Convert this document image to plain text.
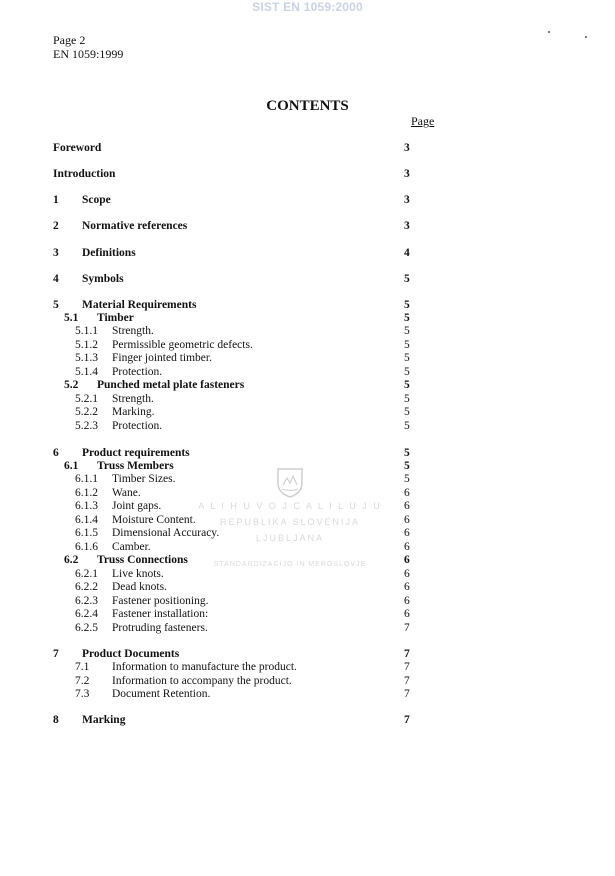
SIST EN 1059:2000
Page 2
EN 1059:1999
CONTENTS
Page
A L I H U V O J C A L I L U J U
REPUBLIKA SLOVENIJA
LJUBLJANA
STANDARDIZACIJO IN MEROSLOVJE
Foreword	3
Introduction	3
1 Scope	3
2 Normative references	3
3 Definitions	4
4 Symbols	5
5 Material Requirements	5
5.1 Timber	5
5.1.1 Strength.	5
5.1.2 Permissible geometric defects.	5
5.1.3 Finger jointed timber.	5
5.1.4 Protection.	5
5.2 Punched metal plate fasteners	5
5.2.1 Strength.	5
5.2.2 Marking.	5
5.2.3 Protection.	5
6 Product requirements	5
6.1 Truss Members	5
6.1.1 Timber Sizes.	5
6.1.2 Wane.	6
6.1.3 Joint gaps.	6
6.1.4 Moisture Content.	6
6.1.5 Dimensional Accuracy.	6
6.1.6 Camber.	6
6.2 Truss Connections	6
6.2.1 Live knots.	6
6.2.2 Dead knots.	6
6.2.3 Fastener positioning.	6
6.2.4 Fastener installation:	6
6.2.5 Protruding fasteners.	7
7 Product Documents	7
7.1 Information to manufacture the product.	7
7.2 Information to accompany the product.	7
7.3 Document Retention.	7
8 Marking	7
